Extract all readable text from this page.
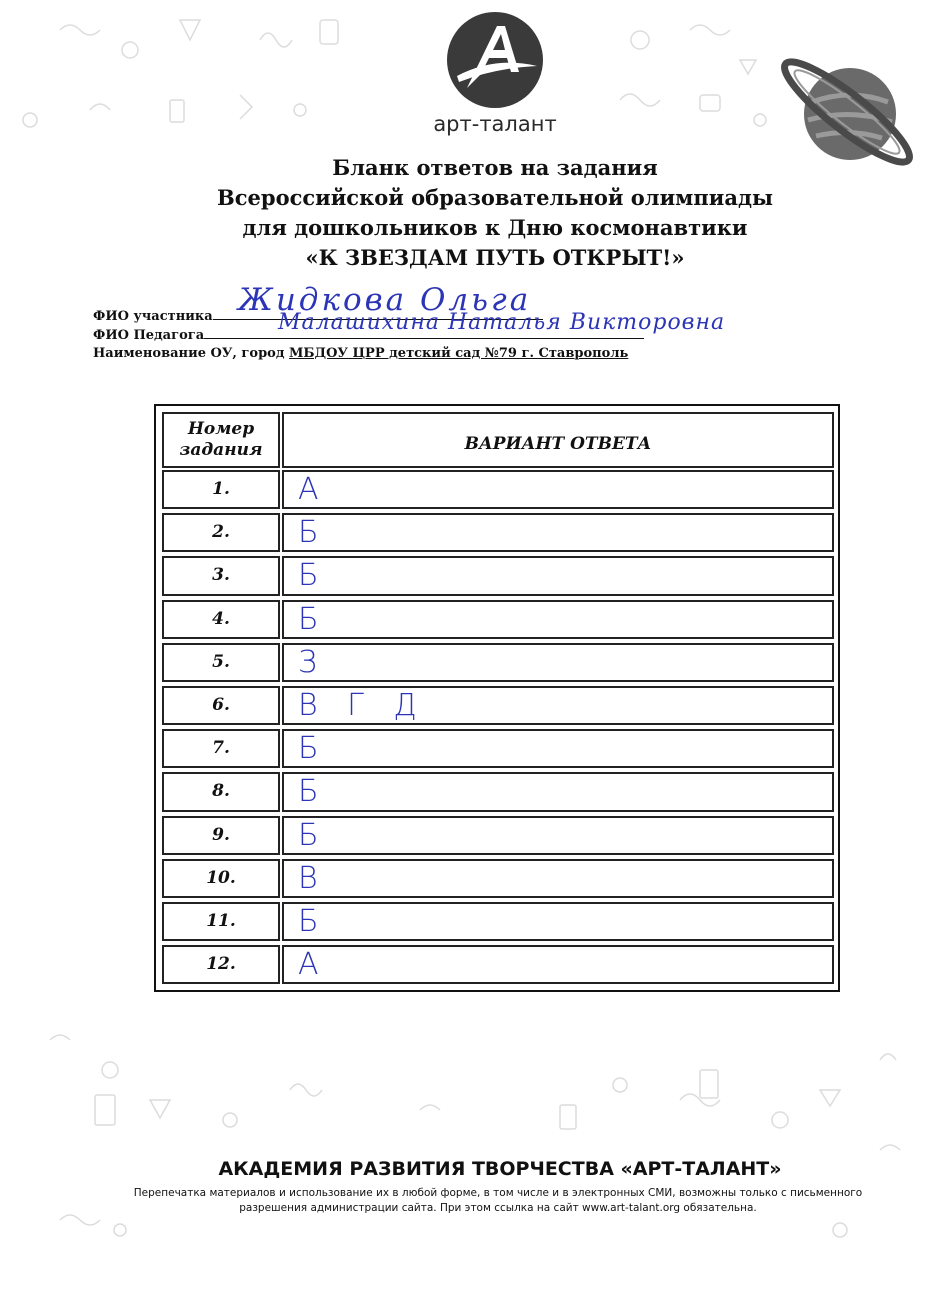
арт-талант
Бланк ответов на задания
Всероссийской образовательной олимпиады
для дошкольников к Дню космонавтики
«К ЗВЕЗДАМ ПУТЬ ОТКРЫТ!»
ФИО участника Жидкова Ольга
ФИО Педагога
Малашихина Наталья Викторовна
Наименование ОУ, город МБДОУ ЦРР детский сад №79 г. Ставрополь
Номер задания	ВАРИАНТ ОТВЕТА
1.	А
2.	Б
3.	Б
4.	Б
5.	З
6.	В Г Д
7.	Б
8.	Б
9.	Б
10.	В
11.	Б
12.	А
АКАДЕМИЯ РАЗВИТИЯ ТВОРЧЕСТВА «АРТ-ТАЛАНТ»
Перепечатка материалов и использование их в любой форме, в том числе и в электронных СМИ, возможны только с письменного разрешения администрации сайта. При этом ссылка на сайт www.art-talant.org обязательна.
